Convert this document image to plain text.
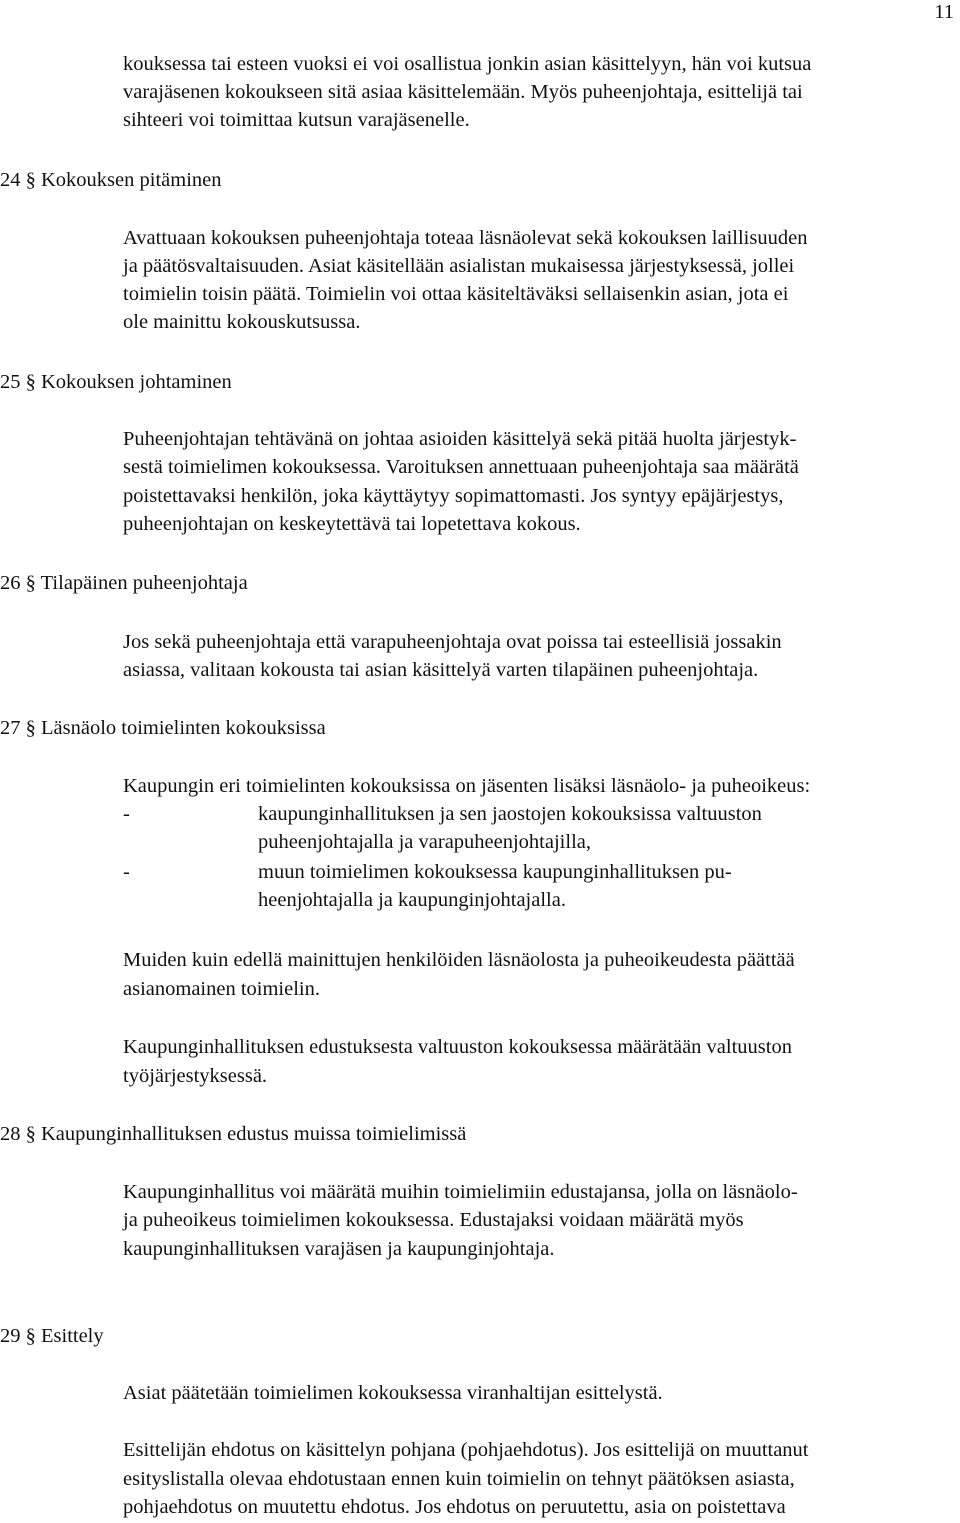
11
kouksessa tai esteen vuoksi ei voi osallistua jonkin asian käsittelyyn, hän voi kutsua
varajäsenen kokoukseen sitä asiaa käsittelemään. Myös puheenjohtaja, esittelijä tai
sihteeri voi toimittaa kutsun varajäsenelle.
24 § Kokouksen pitäminen
Avattuaan kokouksen puheenjohtaja toteaa läsnäolevat sekä kokouksen laillisuuden
ja päätösvaltaisuuden. Asiat käsitellään asialistan mukaisessa järjestyksessä, jollei
toimielin toisin päätä. Toimielin voi ottaa käsiteltäväksi sellaisenkin asian, jota ei
ole mainittu kokouskutsussa.
25 § Kokouksen johtaminen
Puheenjohtajan tehtävänä on johtaa asioiden käsittelyä sekä pitää huolta järjestyk-
sestä toimielimen kokouksessa. Varoituksen annettuaan puheenjohtaja saa määrätä
poistettavaksi henkilön, joka käyttäytyy sopimattomasti. Jos syntyy epäjärjestys,
puheenjohtajan on keskeytettävä tai lopetettava kokous.
26 § Tilapäinen puheenjohtaja
Jos sekä puheenjohtaja että varapuheenjohtaja ovat poissa tai esteellisiä jossakin
asiassa, valitaan kokousta tai asian käsittelyä varten tilapäinen puheenjohtaja.
27 § Läsnäolo toimielinten kokouksissa
Kaupungin eri toimielinten kokouksissa on jäsenten lisäksi läsnäolo- ja puheoikeus:
-	kaupunginhallituksen ja sen jaostojen kokouksissa valtuuston
puheenjohtajalla ja varapuheenjohtajilla,
-	muun toimielimen kokouksessa kaupunginhallituksen pu-
heenjohtajalla ja kaupunginjohtajalla.
Muiden kuin edellä mainittujen henkilöiden läsnäolosta ja puheoikeudesta päättää
asianomainen toimielin.
Kaupunginhallituksen edustuksesta valtuuston kokouksessa määrätään valtuuston
työjärjestyksessä.
28 § Kaupunginhallituksen edustus muissa toimielimissä
Kaupunginhallitus voi määrätä muihin toimielimiin edustajansa, jolla on läsnäolo-
ja puheoikeus toimielimen kokouksessa. Edustajaksi voidaan määrätä myös
kaupunginhallituksen varajäsen ja kaupunginjohtaja.
29 § Esittely
Asiat päätetään toimielimen kokouksessa viranhaltijan esittelystä.
Esittelijän ehdotus on käsittelyn pohjana (pohjaehdotus). Jos esittelijä on muuttanut
esityslistalla olevaa ehdotustaan ennen kuin toimielin on tehnyt päätöksen asiasta,
pohjaehdotus on muutettu ehdotus. Jos ehdotus on peruutettu, asia on poistettava
